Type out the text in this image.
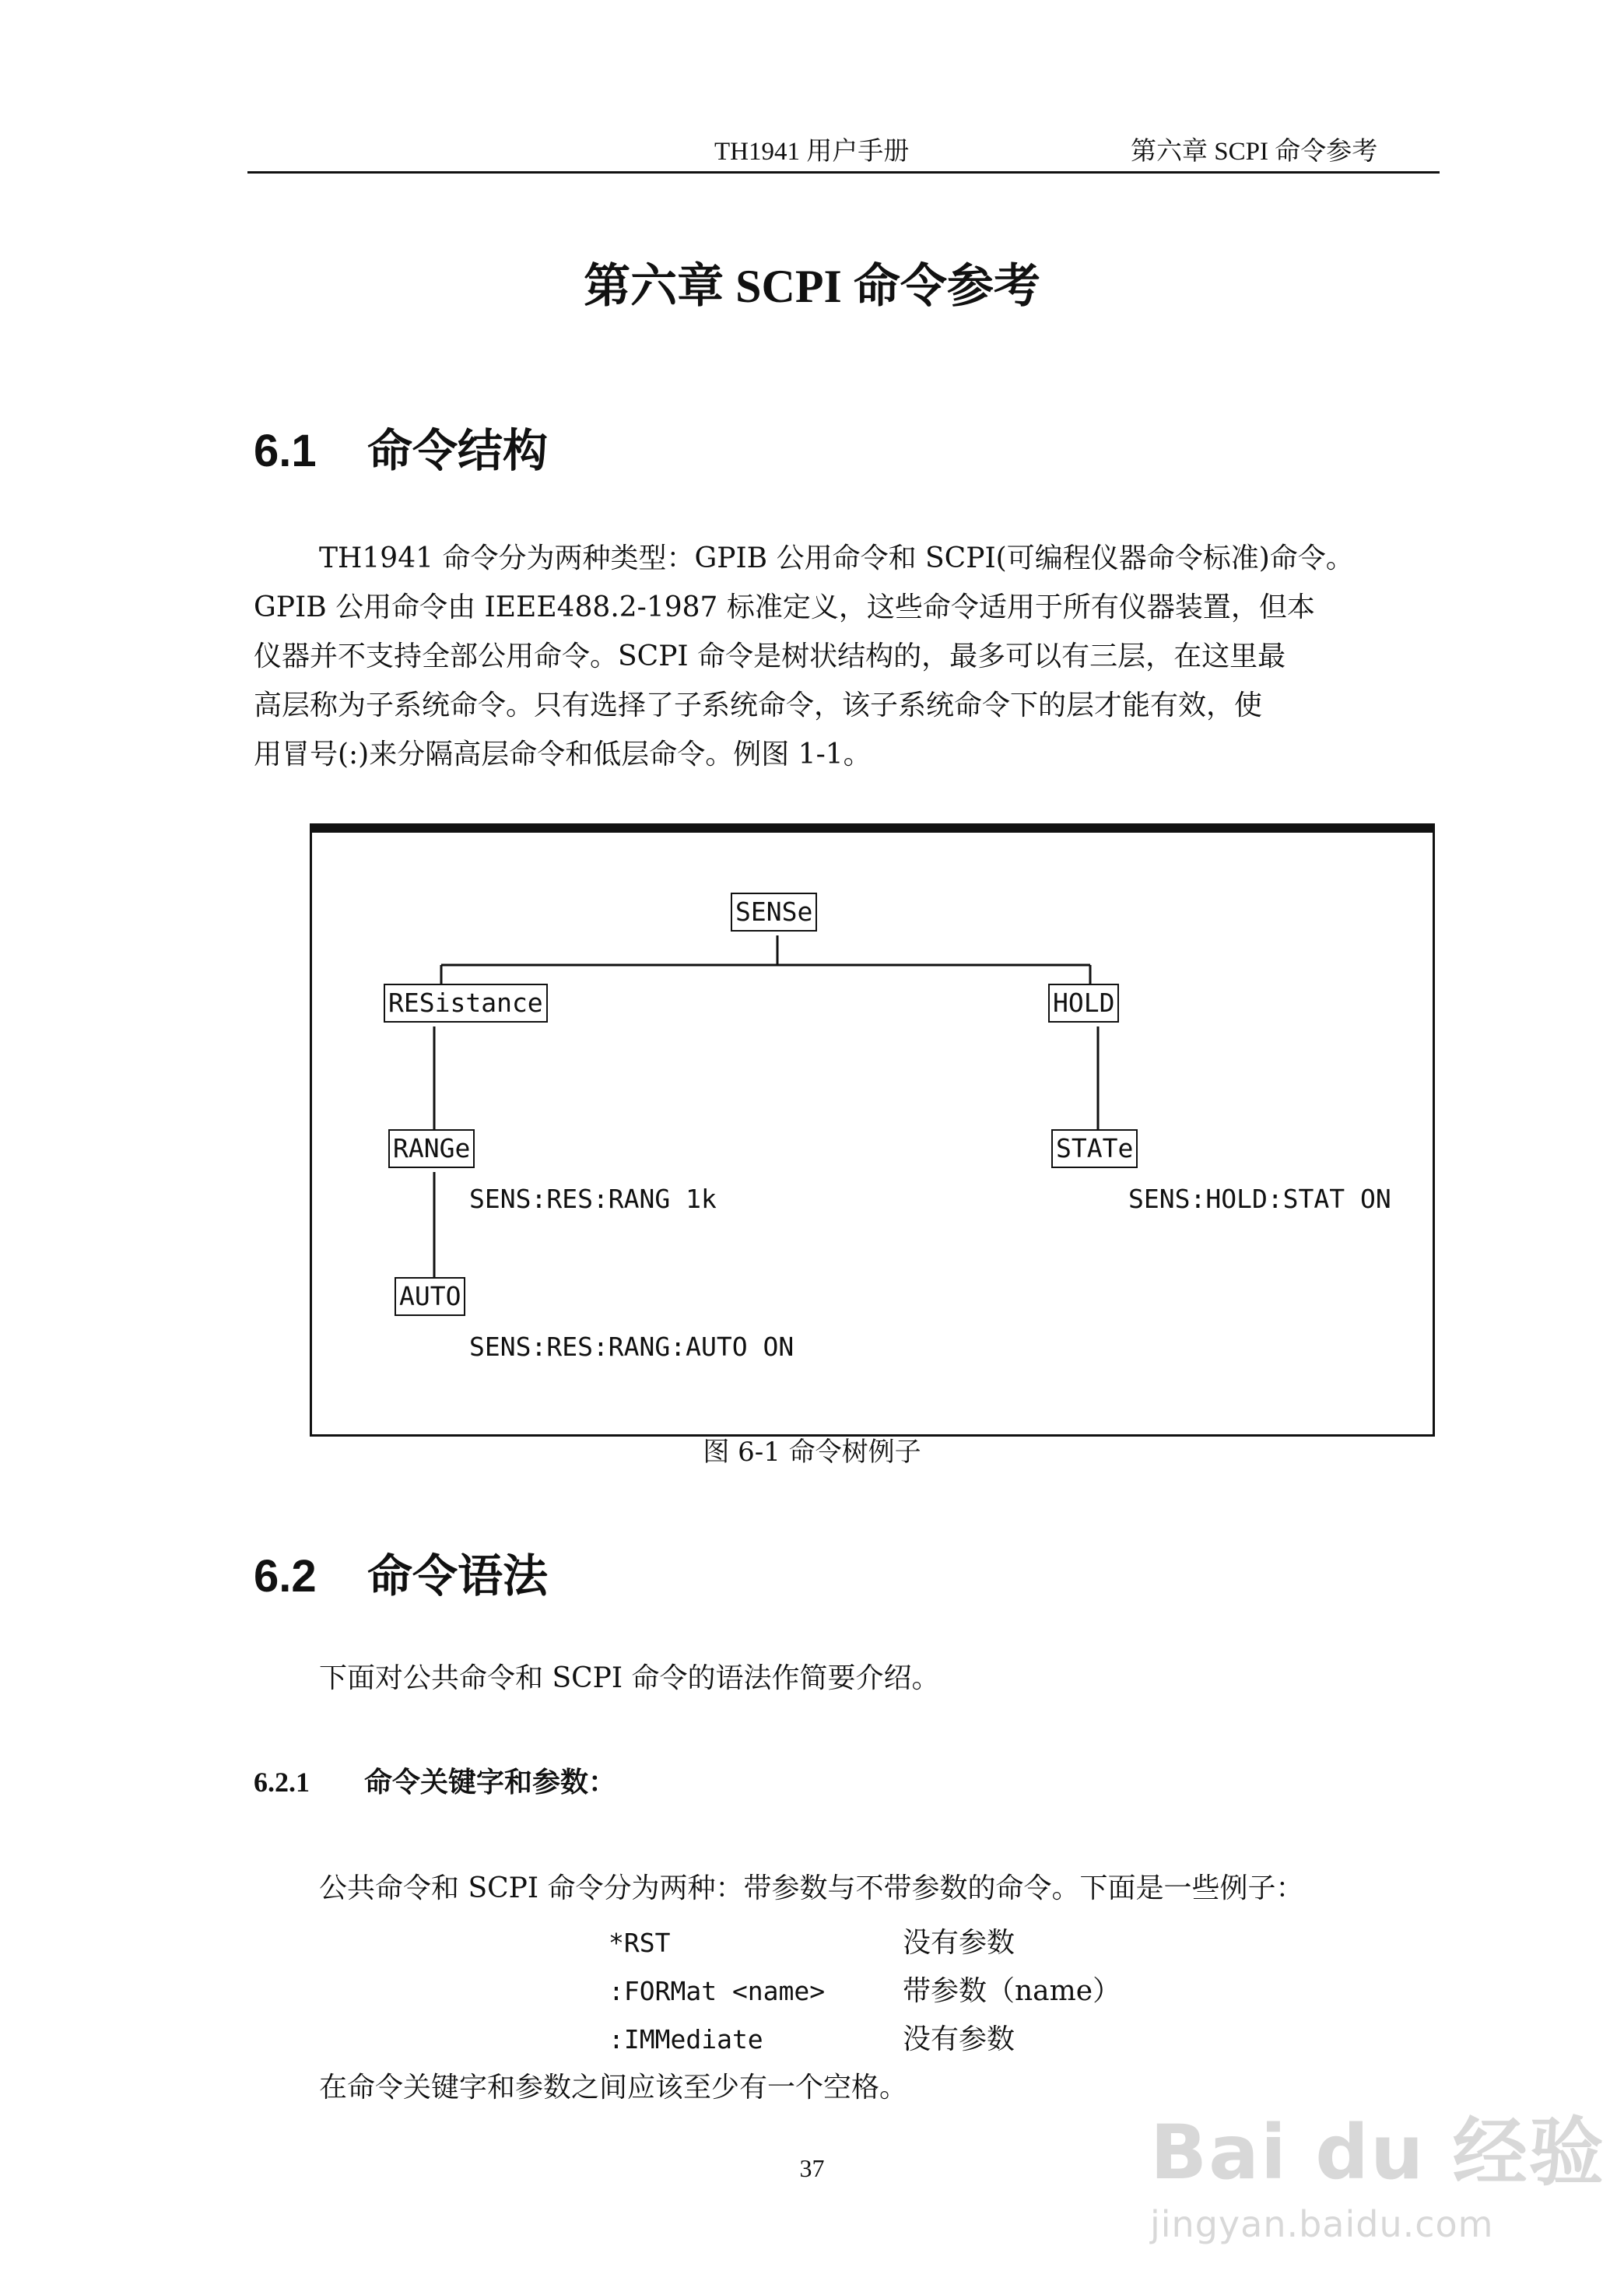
TH1941 用户手册	第六章 SCPI 命令参考
第六章 SCPI 命令参考
6.1 命令结构

TH1941 命令分为两种类型：GPIB 公用命令和 SCPI(可编程仪器命令标准)命令。

GPIB 公用命令由 IEEE488.2-1987 标准定义，这些命令适用于所有仪器装置，但本

仪器并不支持全部公用命令。SCPI 命令是树状结构的，最多可以有三层，在这里最

高层称为子系统命令。只有选择了子系统命令，该子系统命令下的层才能有效，使

用冒号(:)来分隔高层命令和低层命令。例图 1-1。

SENSe
RESistance	HOLD
RANGe	STATe
AUTO
SENS:RES:RANG 1k	SENS:HOLD:STAT ON
SENS:RES:RANG:AUTO ON
图 6-1 命令树例子
6.2 命令语法
下面对公共命令和 SCPI 命令的语法作简要介绍。
6.2.1 命令关键字和参数：
公共命令和 SCPI 命令分为两种：带参数与不带参数的命令。下面是一些例子：
*RST	没有参数
:FORMat <name>	带参数（name）
:IMMediate	没有参数
在命令关键字和参数之间应该至少有一个空格。
37	Bai du 经验
jingyan.baidu.com
